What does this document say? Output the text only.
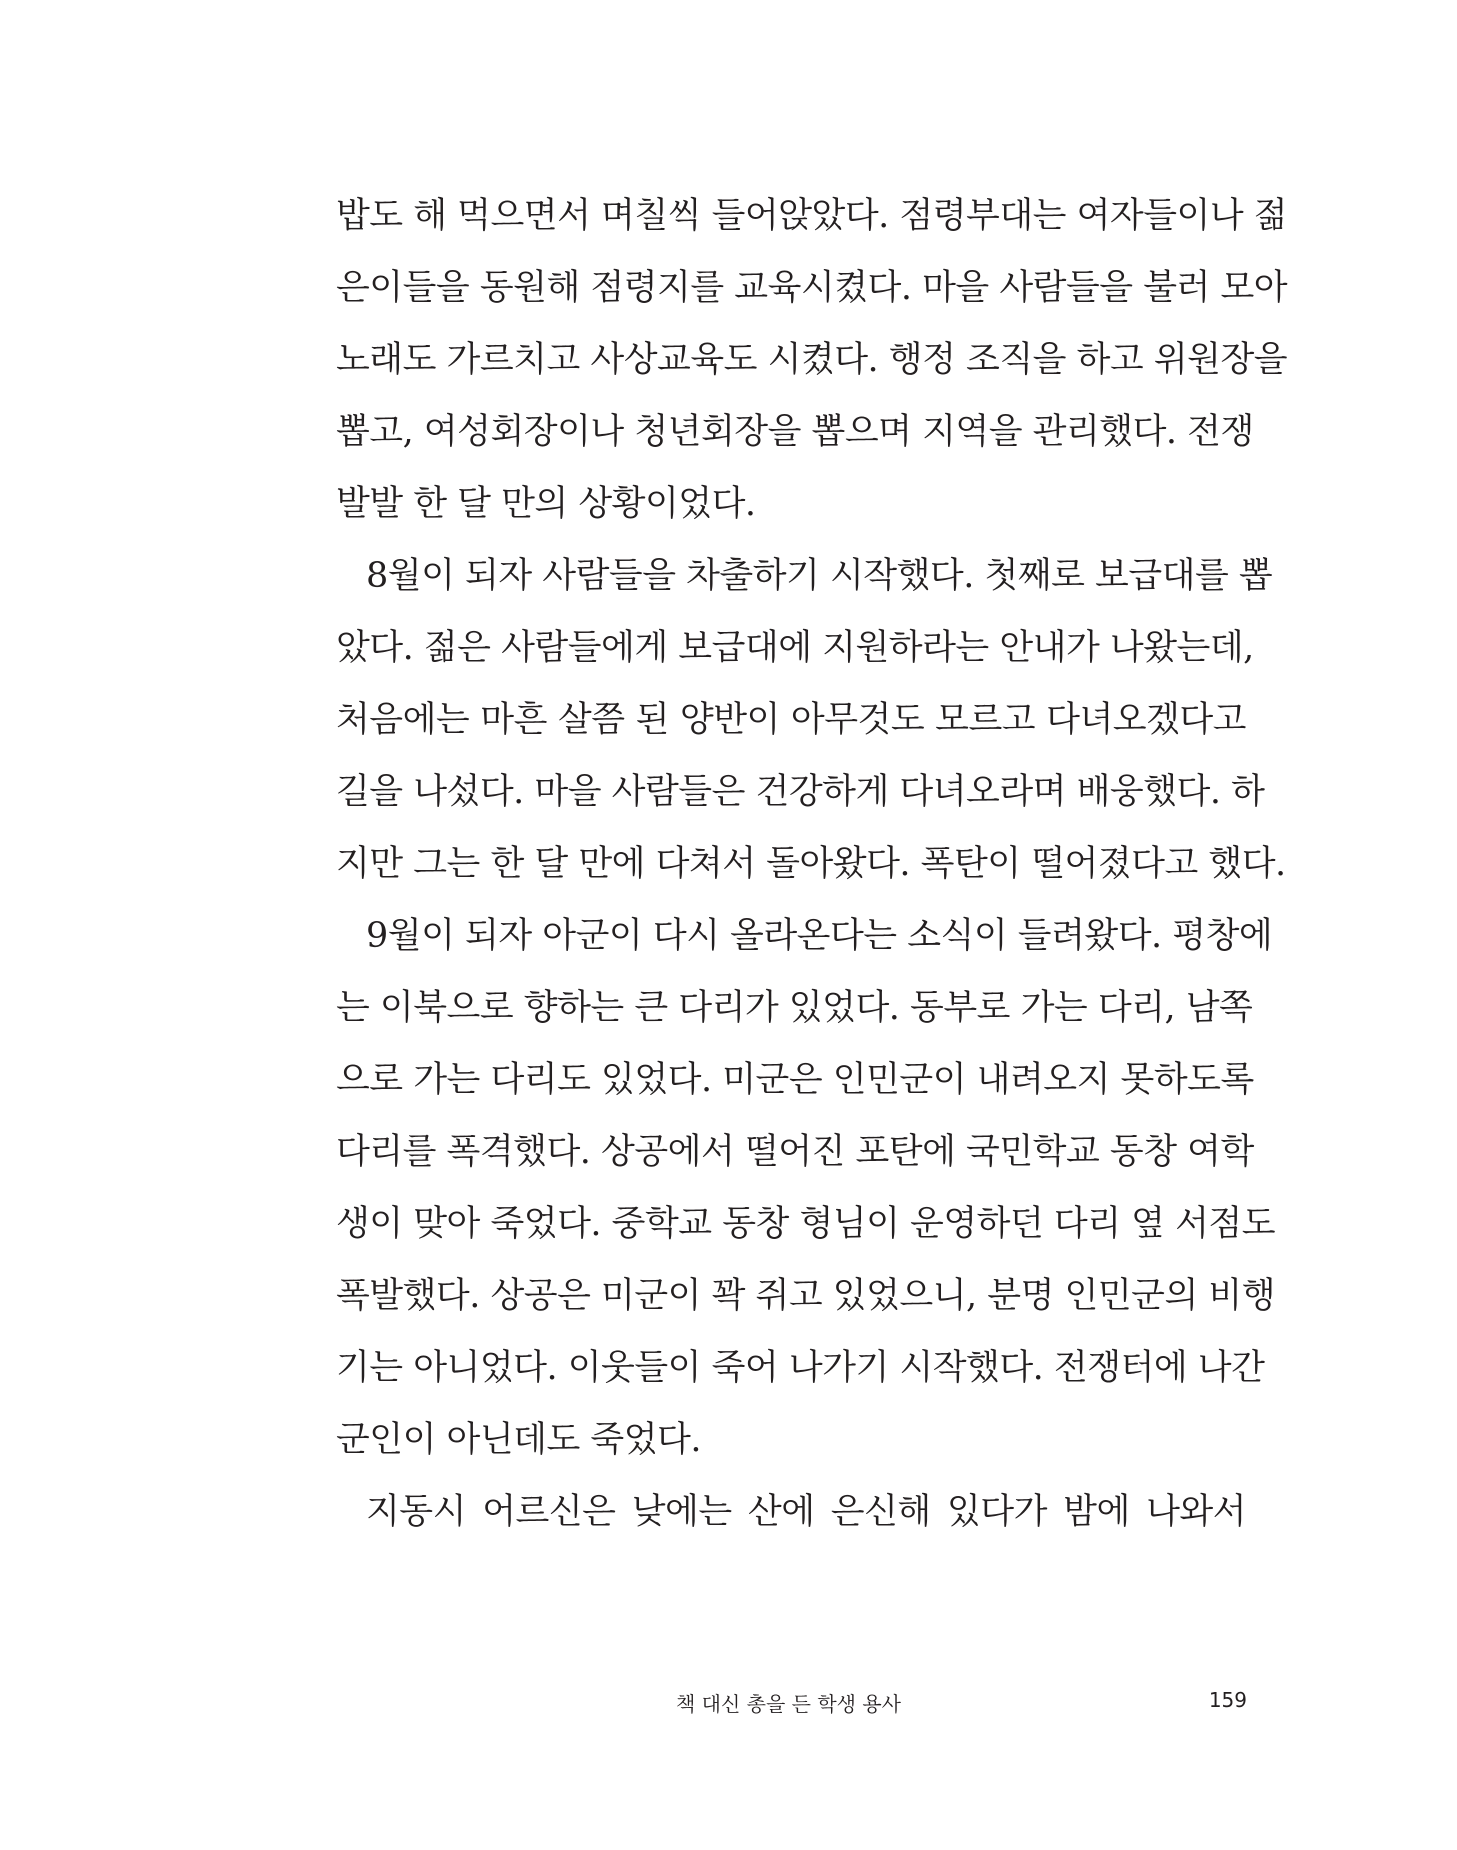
밥도 해 먹으면서 며칠씩 들어앉았다. 점령부대는 여자들이나 젊
은이들을 동원해 점령지를 교육시켰다. 마을 사람들을 불러 모아
노래도 가르치고 사상교육도 시켰다. 행정 조직을 하고 위원장을
뽑고, 여성회장이나 청년회장을 뽑으며 지역을 관리했다. 전쟁
발발 한 달 만의 상황이었다.
8월이 되자 사람들을 차출하기 시작했다. 첫째로 보급대를 뽑
았다. 젊은 사람들에게 보급대에 지원하라는 안내가 나왔는데,
처음에는 마흔 살쯤 된 양반이 아무것도 모르고 다녀오겠다고
길을 나섰다. 마을 사람들은 건강하게 다녀오라며 배웅했다. 하
지만 그는 한 달 만에 다쳐서 돌아왔다. 폭탄이 떨어졌다고 했다.
9월이 되자 아군이 다시 올라온다는 소식이 들려왔다. 평창에
는 이북으로 향하는 큰 다리가 있었다. 동부로 가는 다리, 남쪽
으로 가는 다리도 있었다. 미군은 인민군이 내려오지 못하도록
다리를 폭격했다. 상공에서 떨어진 포탄에 국민학교 동창 여학
생이 맞아 죽었다. 중학교 동창 형님이 운영하던 다리 옆 서점도
폭발했다. 상공은 미군이 꽉 쥐고 있었으니, 분명 인민군의 비행
기는 아니었다. 이웃들이 죽어 나가기 시작했다. 전쟁터에 나간
군인이 아닌데도 죽었다.
지동시 어르신은 낮에는 산에 은신해 있다가 밤에 나와서
책 대신 총을 든 학생 용사	159
